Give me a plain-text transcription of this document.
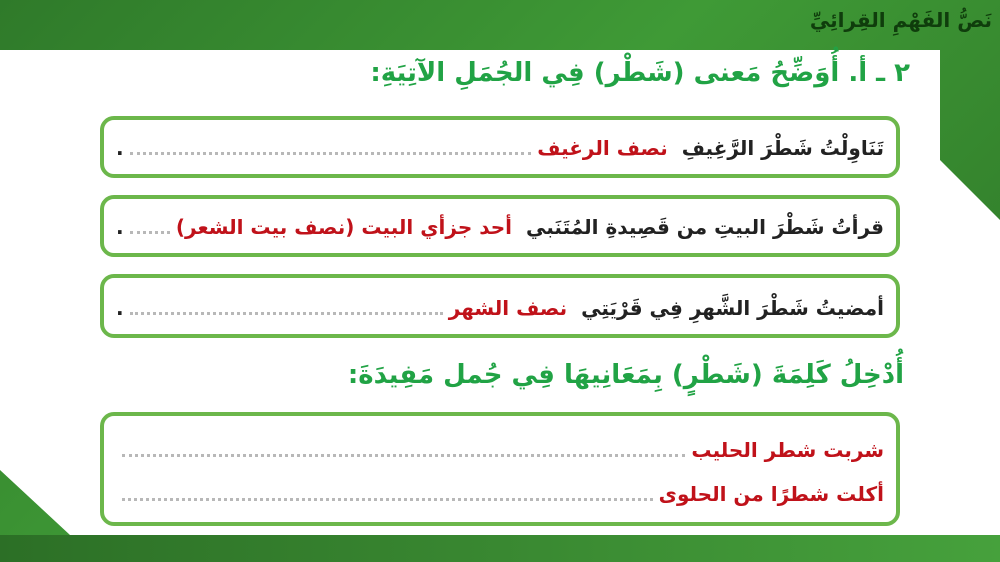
نَصُّ الفَهْمِ القِرائِيِّ
٢ ـ أ. أُوَضِّحُ مَعنى (شَطْر) فِي الجُمَلِ الآتِيَةِ:
تَنَاوِلْتُ شَطْرَ الرَّغِيفِ
نصف الرغيف
.
قرأتُ شَطْرَ البيتِ من قَصِيدةِ المُتَنَبي
أحد جزأي البيت (نصف بيت الشعر)
.
أمضيتُ شَطْرَ الشَّهرِ فِي قَرْيَتِي
نصف الشهر
.
أُدْخِلُ كَلِمَةَ (شَطْرٍ) بِمَعَانِيهَا فِي جُمل مَفِيدَةَ:
شربت شطر الحليب
أكلت شطرًا من الحلوى
